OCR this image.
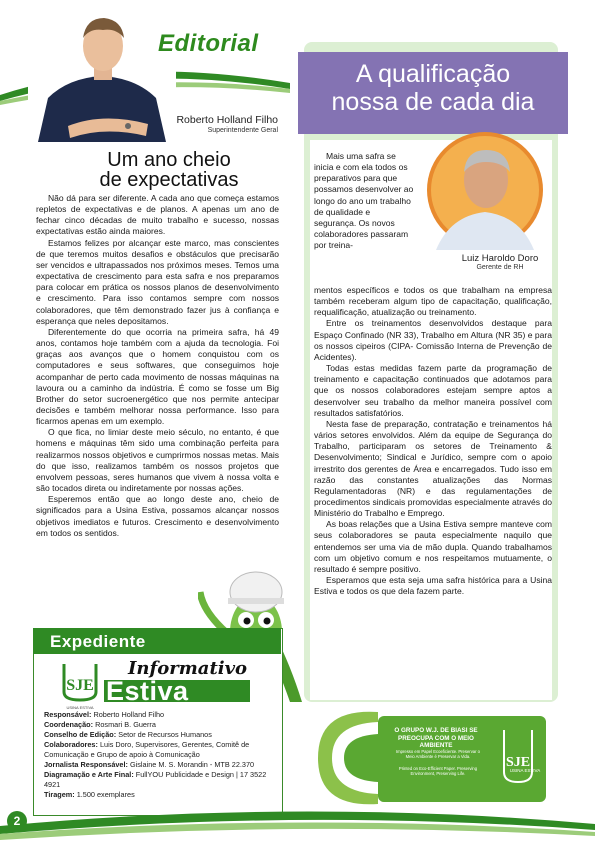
Editorial
Roberto Holland Filho
Superintendente Geral
Um ano cheio
de expectativas

Não dá para ser diferente. A cada ano que começa estamos repletos de expectativas e de planos. A apenas um ano de fechar cinco décadas de muito trabalho e sucesso, nossas expectativas estão ainda maiores.

Estamos felizes por alcançar este marco, mas conscientes de que teremos muitos desafios e obstáculos que precisarão ser vencidos e ultrapassados nos próximos meses. Temos uma expectativa de crescimento para esta safra e nos preparamos para colocar em prática os nossos planos de desenvolvimento e crescimento. Para isso contamos sempre com nossos colaboradores, que têm demonstrado fazer jus à confiança e esperança que neles depositamos.

Diferentemente do que ocorria na primeira safra, há 49 anos, contamos hoje também com a ajuda da tecnologia. Foi graças aos avanços que o homem conquistou com os computadores e seus softwares, que conseguimos hoje acompanhar de perto cada movimento de nossas máquinas na lavoura ou a caminho da indústria. É como se fosse um Big Brother do setor sucroenergético que nos permite antecipar decisões e também melhorar nossa performance. Isso para ficarmos apenas em um exemplo.

O que fica, no limiar deste meio século, no entanto, é que homens e máquinas têm sido uma combinação perfeita para realizarmos nossos objetivos e cumprirmos nossas metas. Mais do que isso, realizamos também os nossos projetos que envolvem pessoas, seres humanos que vivem à nossa volta e são tocados direta ou indiretamente por nossas ações.

Esperemos então que ao longo deste ano, cheio de significados para a Usina Estiva, possamos alcançar nossos objetivos imediatos e futuros. Crescimento e desenvolvimento em todos os sentidos.

A qualificação
nossa de cada dia
Luiz Haroldo Doro
Gerente de RH

Mais uma safra se inicia e com ela todos os preparativos para que possamos desenvolver ao longo do ano um trabalho de qualidade e segurança. Os novos colaboradores passaram por treina-

mentos específicos e todos os que trabalham na empresa também receberam algum tipo de capacitação, qualificação, requalificação, atualização ou treinamento.

Entre os treinamentos desenvolvidos destaque para Espaço Confinado (NR 33), Trabalho em Altura (NR 35) e para os nossos cipeiros (CIPA- Comissão Interna de Prevenção de Acidentes).

Todas estas medidas fazem parte da programação de treinamento e capacitação continuados que adotamos para que os nossos colaboradores estejam sempre aptos a desenvolver seu trabalho da melhor maneira possível com resultados satisfatórios.

Nesta fase de preparação, contratação e treinamentos há vários setores envolvidos. Além da equipe de Segurança do Trabalho, participaram os setores de Treinamento & Desenvolvimento; Sindical e Jurídico, sempre com o apoio irrestrito dos gerentes de Área e encarregados. Tudo isso em razão das constantes atualizações das Normas Regulamentadoras (NR) e das regulamentações de procedimentos sindicais promovidas especialmente através do Ministério do Trabalho e Emprego.

As boas relações que a Usina Estiva sempre manteve com seus colaboradores se pauta especialmente naquilo que entendemos ser uma via de mão dupla. Quando trabalhamos com um objetivo comum e nos respeitamos mutuamente, o resultado é sempre positivo.

Esperamos que esta seja uma safra histórica para a Usina Estiva e todos os que dela fazem parte.

Expediente
SJE
USINA ESTIVA
Estiva
Informativo
Responsável: Roberto Holland Filho
Coordenação: Rosmari B. Guerra
Conselho de Edição: Setor de Recursos Humanos
Colaboradores: Luis Doro, Supervisores, Gerentes, Comitê de Comunicação e Grupo de apoio à Comunicação
Jornalista Responsável: Gislaine M. S. Morandin - MTB 22.370
Diagramação e Arte Final: FullYOU Publicidade e Design | 17 3522 4921
Tiragem: 1.500 exemplares
SJE
O GRUPO W.J. DE BIASI SE PREOCUPA COM O MEIO AMBIENTE
Impresso em Papel Ecoeficiente. Preservar o Meio Ambiente é Preservar a Vida.
Printed on Eco-Efficient Paper. Preserving Environment, Preserving Life.
USINA ESTIVA
2
